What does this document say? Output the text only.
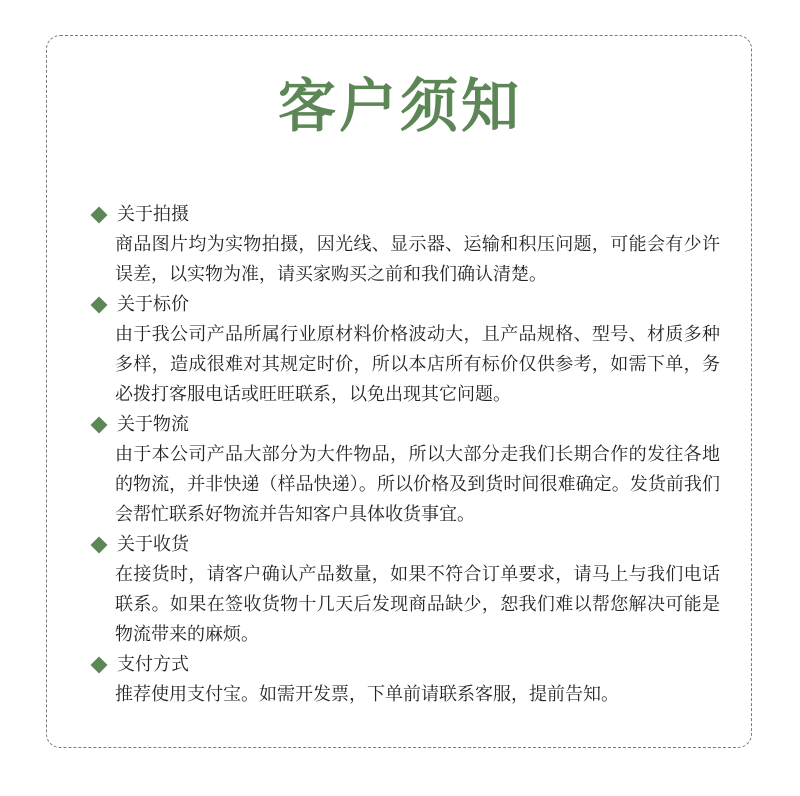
客户须知
关于拍摄
商品图片均为实物拍摄，因光线、显示器、运输和积压问题，可能会有少许误差，以实物为准，请买家购买之前和我们确认清楚。
关于标价
由于我公司产品所属行业原材料价格波动大，且产品规格、型号、材质多种多样，造成很难对其规定时价，所以本店所有标价仅供参考，如需下单，务必拨打客服电话或旺旺联系，以免出现其它问题。
关于物流
由于本公司产品大部分为大件物品，所以大部分走我们长期合作的发往各地的物流，并非快递（样品快递）。所以价格及到货时间很难确定。发货前我们会帮忙联系好物流并告知客户具体收货事宜。
关于收货
在接货时，请客户确认产品数量，如果不符合订单要求，请马上与我们电话联系。如果在签收货物十几天后发现商品缺少，恕我们难以帮您解决可能是物流带来的麻烦。
支付方式
推荐使用支付宝。如需开发票，下单前请联系客服，提前告知。
